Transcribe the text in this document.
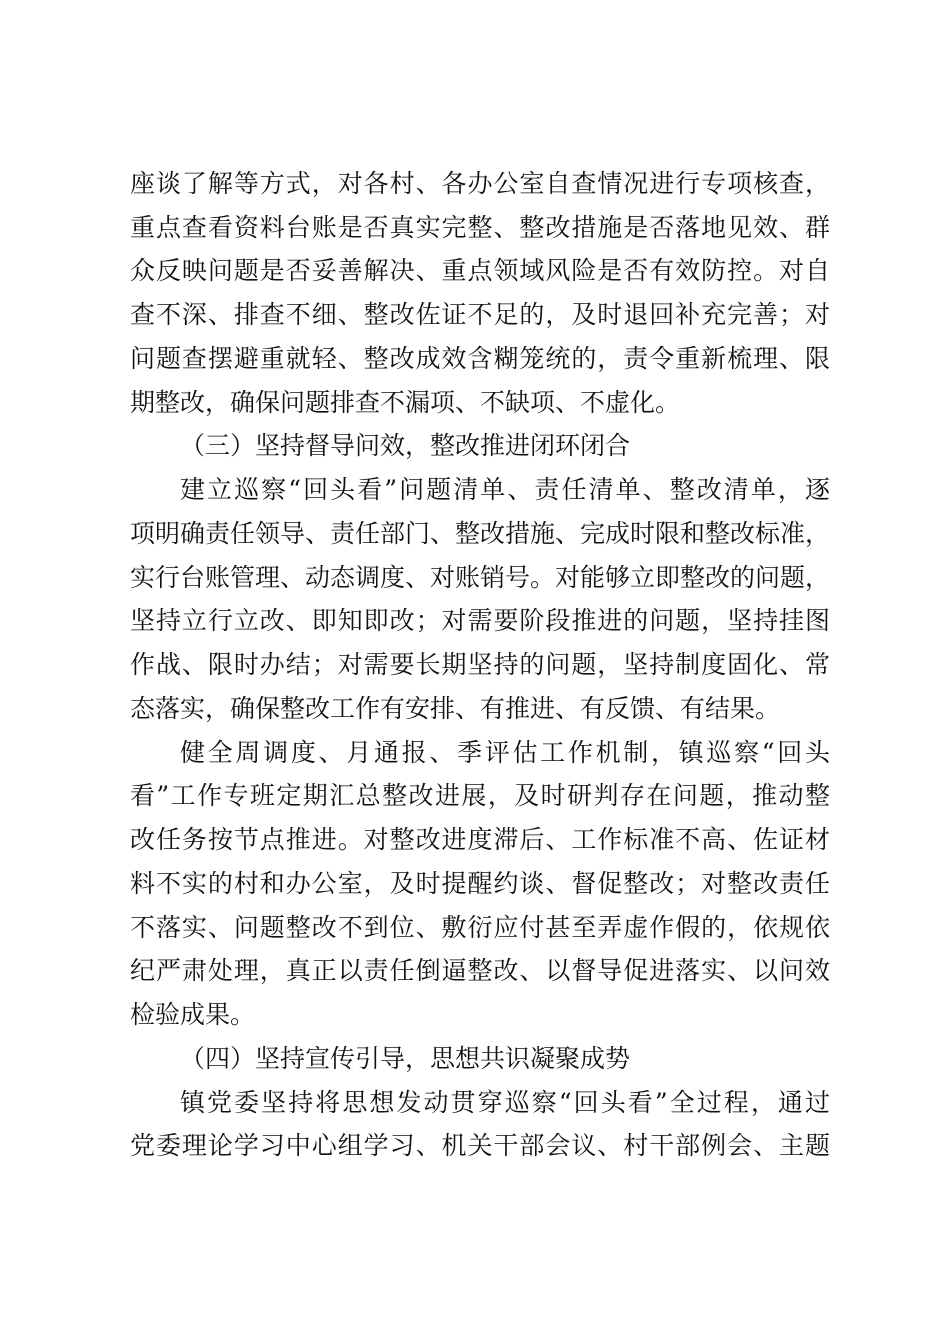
座谈了解等方式，对各村、各办公室自查情况进行专项核查，
重点查看资料台账是否真实完整、整改措施是否落地见效、群
众反映问题是否妥善解决、重点领域风险是否有效防控。对自
查不深、排查不细、整改佐证不足的，及时退回补充完善；对
问题查摆避重就轻、整改成效含糊笼统的，责令重新梳理、限
期整改，确保问题排查不漏项、不缺项、不虚化。
（三）坚持督导问效，整改推进闭环闭合
建立巡察“回头看”问题清单、责任清单、整改清单，逐
项明确责任领导、责任部门、整改措施、完成时限和整改标准，
实行台账管理、动态调度、对账销号。对能够立即整改的问题，
坚持立行立改、即知即改；对需要阶段推进的问题，坚持挂图
作战、限时办结；对需要长期坚持的问题，坚持制度固化、常
态落实，确保整改工作有安排、有推进、有反馈、有结果。
健全周调度、月通报、季评估工作机制，镇巡察“回头
看”工作专班定期汇总整改进展，及时研判存在问题，推动整
改任务按节点推进。对整改进度滞后、工作标准不高、佐证材
料不实的村和办公室，及时提醒约谈、督促整改；对整改责任
不落实、问题整改不到位、敷衍应付甚至弄虚作假的，依规依
纪严肃处理，真正以责任倒逼整改、以督导促进落实、以问效
检验成果。
（四）坚持宣传引导，思想共识凝聚成势
镇党委坚持将思想发动贯穿巡察“回头看”全过程，通过
党委理论学习中心组学习、机关干部会议、村干部例会、主题
